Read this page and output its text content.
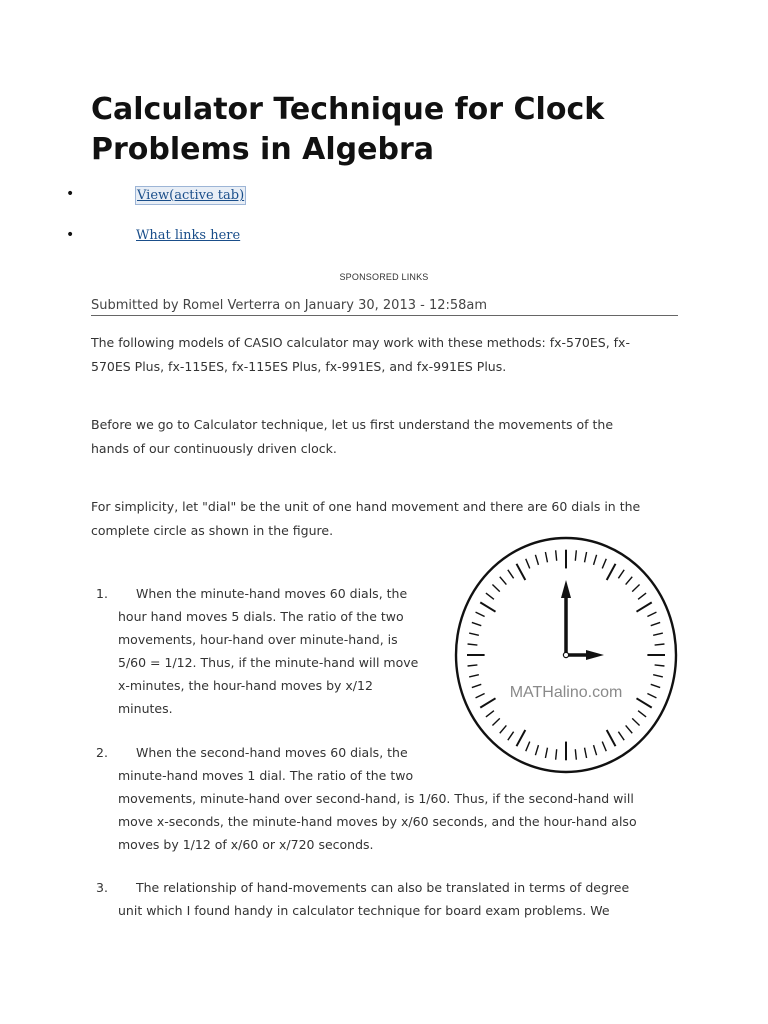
Calculator Technique for Clock
Problems in Algebra
•	View(active tab)
•	What links here
SPONSORED LINKS
Submitted by Romel Verterra on January 30, 2013 - 12:58am

The following models of CASIO calculator may work with these methods: fx-570ES, fx-
570ES Plus, fx-115ES, fx-115ES Plus, fx-991ES, and fx-991ES Plus.

Before we go to Calculator technique, let us first understand the movements of the
hands of our continuously driven clock.

For simplicity, let "dial" be the unit of one hand movement and there are 60 dials in the
complete circle as shown in the figure.

1.	When the minute-hand moves 60 dials, the
hour hand moves 5 dials. The ratio of the two
movements, hour-hand over minute-hand, is
5/60 = 1/12. Thus, if the minute-hand will move
x-minutes, the hour-hand moves by x/12
minutes.
2.	When the second-hand moves 60 dials, the
minute-hand moves 1 dial. The ratio of the two
movements, minute-hand over second-hand, is 1/60. Thus, if the second-hand will
move x-seconds, the minute-hand moves by x/60 seconds, and the hour-hand also
moves by 1/12 of x/60 or x/720 seconds.
3.	The relationship of hand-movements can also be translated in terms of degree
unit which I found handy in calculator technique for board exam problems. We
MATHalino.com
